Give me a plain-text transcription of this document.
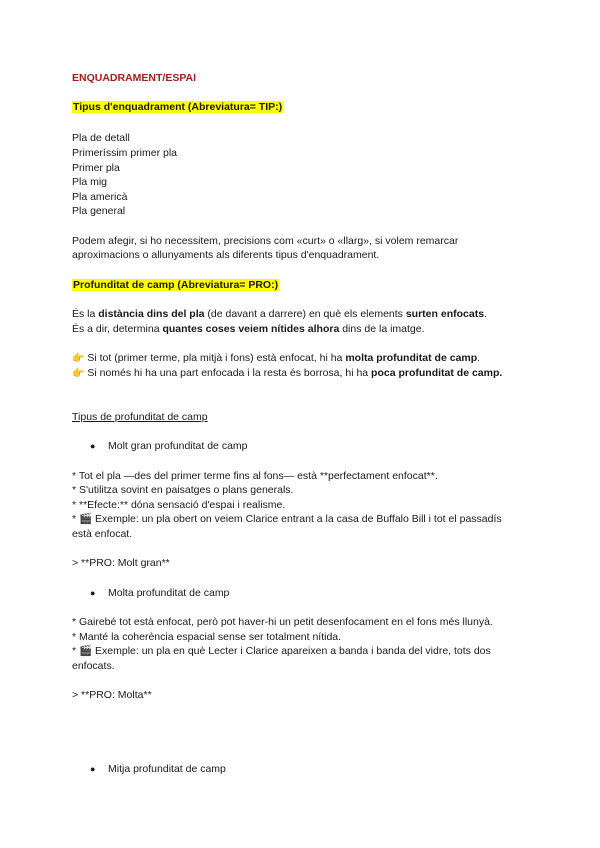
ENQUADRAMENT/ESPAI
Tipus d'enquadrament (Abreviatura= TIP:)
Pla de detall
Primeríssim primer pla
Primer pla
Pla mig
Pla americà
Pla general
Podem afegir, si ho necessitem, precisions com «curt» o «llarg», si volem remarcar
aproximacions o allunyaments als diferents tipus d'enquadrament.
Profunditat de camp (Abreviatura= PRO:)
És la distància dins del pla (de davant a darrere) en què els elements surten enfocats.
És a dir, determina quantes coses veiem nítides alhora dins de la imatge.
👉 Si tot (primer terme, pla mitjà i fons) està enfocat, hi ha molta profunditat de camp.
👉 Si només hi ha una part enfocada i la resta és borrosa, hi ha poca profunditat de camp.
Tipus de profunditat de camp
● Molt gran profunditat de camp
* Tot el pla —des del primer terme fins al fons— està **perfectament enfocat**.
* S'utilitza sovint en paisatges o plans generals.
* **Efecte:** dóna sensació d'espai i realisme.
* 🎬 Exemple: un pla obert on veiem Clarice entrant a la casa de Buffalo Bill i tot el passadís
està enfocat.
> **PRO: Molt gran**
● Molta profunditat de camp
* Gairebé tot està enfocat, però pot haver-hi un petit desenfocament en el fons més llunyà.
* Manté la coherència espacial sense ser totalment nítida.
* 🎬 Exemple: un pla en què Lecter i Clarice apareixen a banda i banda del vidre, tots dos
enfocats.
> **PRO: Molta**
● Mitja profunditat de camp
